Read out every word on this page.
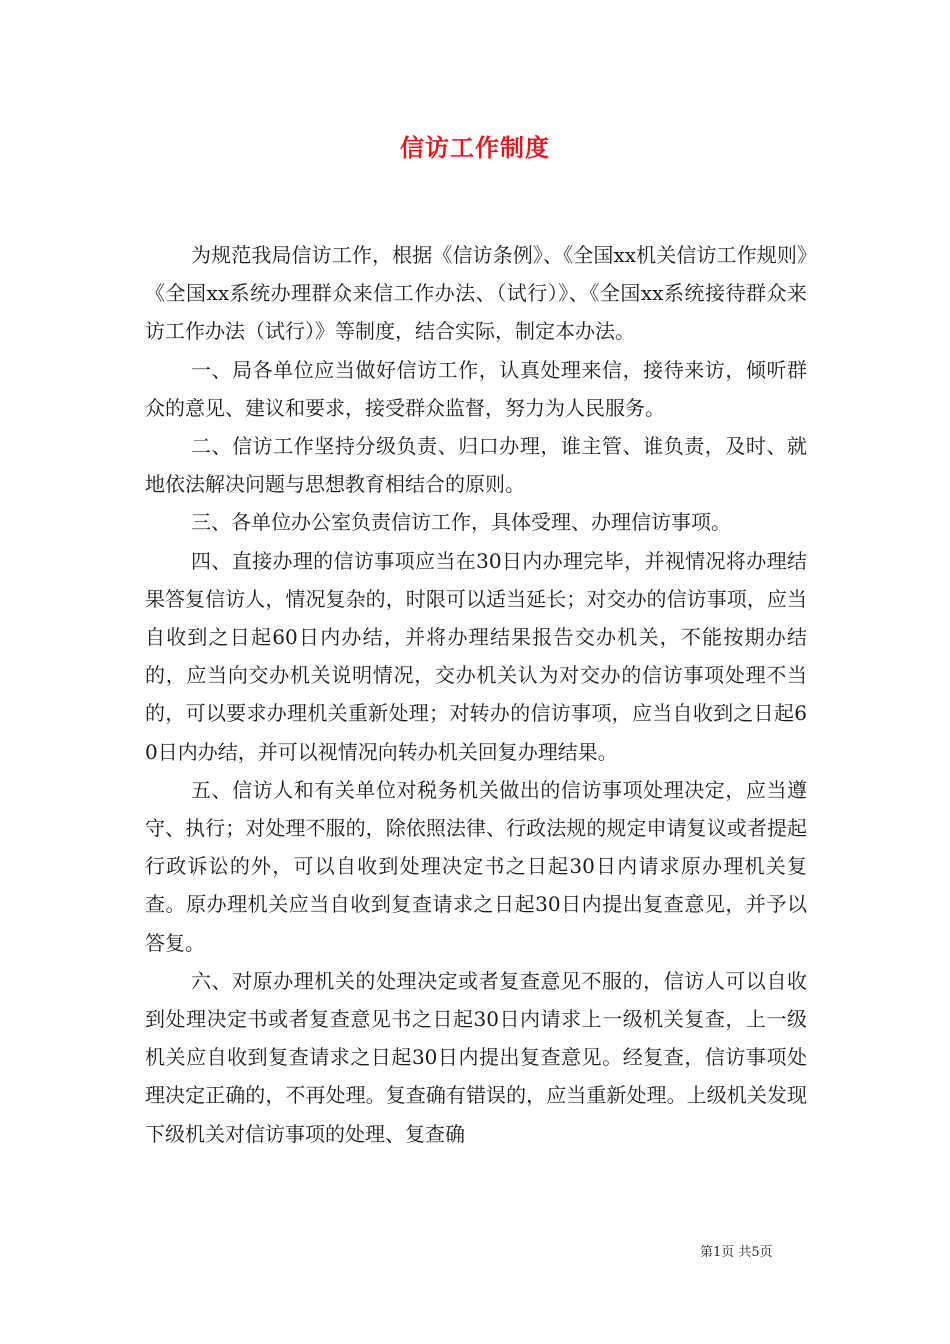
信访工作制度

为规范我局信访工作，根据《信访条例》、《全国xx机关信访工作规则》《全国xx系统办理群众来信工作办法、（试行）》、《全国xx系统接待群众来访工作办法（试行）》等制度，结合实际，制定本办法。

一、局各单位应当做好信访工作，认真处理来信，接待来访，倾听群众的意见、建议和要求，接受群众监督，努力为人民服务。

二、信访工作坚持分级负责、归口办理，谁主管、谁负责，及时、就地依法解决问题与思想教育相结合的原则。

三、各单位办公室负责信访工作，具体受理、办理信访事项。

四、直接办理的信访事项应当在30日内办理完毕，并视情况将办理结果答复信访人，情况复杂的，时限可以适当延长；对交办的信访事项，应当自收到之日起60日内办结，并将办理结果报告交办机关，不能按期办结的，应当向交办机关说明情况，交办机关认为对交办的信访事项处理不当的，可以要求办理机关重新处理；对转办的信访事项，应当自收到之日起60日内办结，并可以视情况向转办机关回复办理结果。

五、信访人和有关单位对税务机关做出的信访事项处理决定，应当遵守、执行；对处理不服的，除依照法律、行政法规的规定申请复议或者提起行政诉讼的外，可以自收到处理决定书之日起30日内请求原办理机关复查。原办理机关应当自收到复查请求之日起30日内提出复查意见，并予以答复。

六、对原办理机关的处理决定或者复查意见不服的，信访人可以自收到处理决定书或者复查意见书之日起30日内请求上一级机关复查，上一级机关应自收到复查请求之日起30日内提出复查意见。经复查，信访事项处理决定正确的，不再处理。复查确有错误的，应当重新处理。上级机关发现下级机关对信访事项的处理、复查确

第1页 共5页
